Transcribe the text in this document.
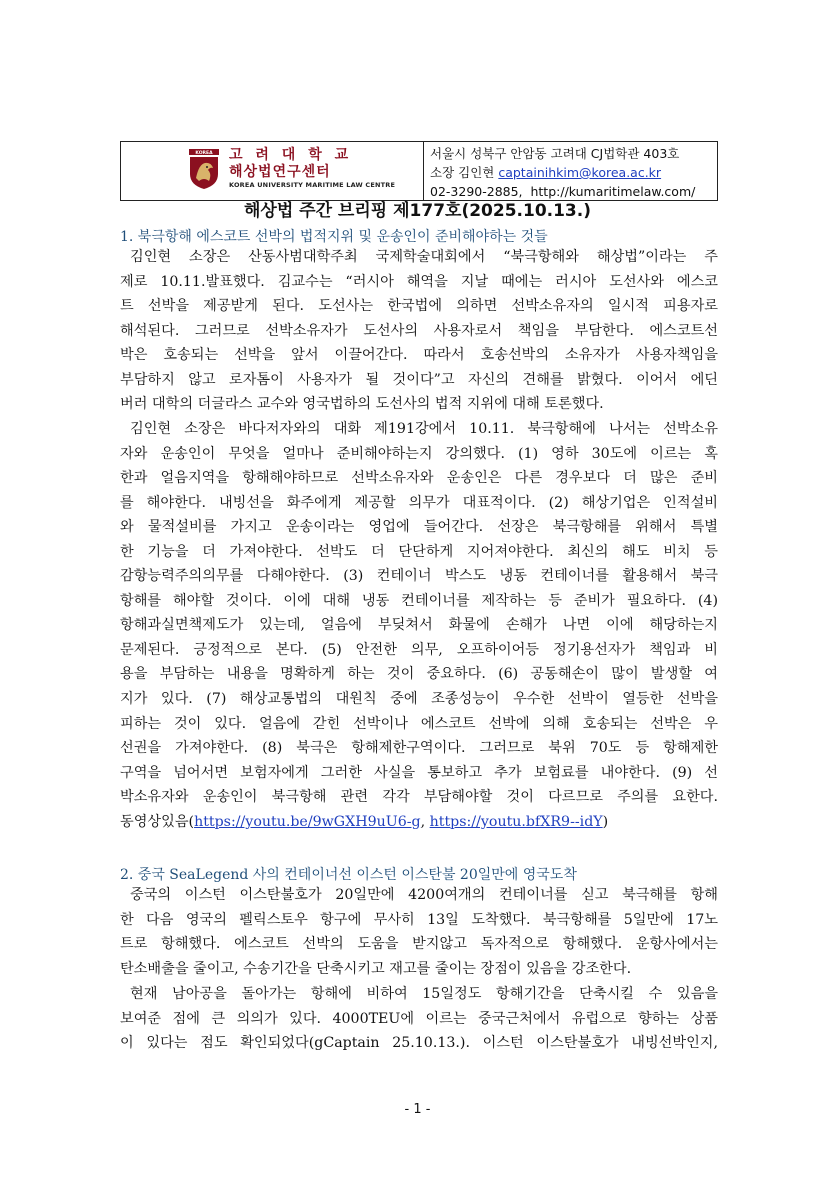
KOREA 고 려 대 학 교
해상법연구센터
KOREA UNIVERSITY MARITIME LAW CENTRE
서울시 성북구 안암동 고려대 CJ법학관 403호
소장 김인현 captainihkim@korea.ac.kr
02-3290-2885, http://kumaritimelaw.com/
해상법 주간 브리핑 제177호(2025.10.13.)
1. 북극항해 에스코트 선박의 법적지위 및 운송인이 준비해야하는 것들
김인현 소장은 산동사범대학주최 국제학술대회에서 “북극항해와 해상법”이라는 주
제로 10.11.발표했다. 김교수는 “러시아 해역을 지날 때에는 러시아 도선사와 에스코
트 선박을 제공받게 된다. 도선사는 한국법에 의하면 선박소유자의 일시적 피용자로
해석된다. 그러므로 선박소유자가 도선사의 사용자로서 책임을 부담한다. 에스코트선
박은 호송되는 선박을 앞서 이끌어간다. 따라서 호송선박의 소유자가 사용자책임을
부담하지 않고 로자톰이 사용자가 될 것이다”고 자신의 견해를 밝혔다. 이어서 에딘
버러 대학의 더글라스 교수와 영국법하의 도선사의 법적 지위에 대해 토론했다.
김인현 소장은 바다저자와의 대화 제191강에서 10.11. 북극항해에 나서는 선박소유
자와 운송인이 무엇을 얼마나 준비해야하는지 강의했다. (1) 영하 30도에 이르는 혹
한과 얼음지역을 항해해야하므로 선박소유자와 운송인은 다른 경우보다 더 많은 준비
를 해야한다. 내빙선을 화주에게 제공할 의무가 대표적이다. (2) 해상기업은 인적설비
와 물적설비를 가지고 운송이라는 영업에 들어간다. 선장은 북극항해를 위해서 특별
한 기능을 더 가져야한다. 선박도 더 단단하게 지어져야한다. 최신의 해도 비치 등
감항능력주의의무를 다해야한다. (3) 컨테이너 박스도 냉동 컨테이너를 활용해서 북극
항해를 해야할 것이다. 이에 대해 냉동 컨테이너를 제작하는 등 준비가 필요하다. (4)
항해과실면책제도가 있는데, 얼음에 부딪쳐서 화물에 손해가 나면 이에 해당하는지
문제된다. 긍정적으로 본다. (5) 안전한 의무, 오프하이어등 정기용선자가 책임과 비
용을 부담하는 내용을 명확하게 하는 것이 중요하다. (6) 공동해손이 많이 발생할 여
지가 있다. (7) 해상교통법의 대원칙 중에 조종성능이 우수한 선박이 열등한 선박을
피하는 것이 있다. 얼음에 갇힌 선박이나 에스코트 선박에 의해 호송되는 선박은 우
선권을 가져야한다. (8) 북극은 항해제한구역이다. 그러므로 북위 70도 등 항해제한
구역을 넘어서면 보험자에게 그러한 사실을 통보하고 추가 보험료를 내야한다. (9) 선
박소유자와 운송인이 북극항해 관련 각각 부담해야할 것이 다르므로 주의를 요한다.
동영상있음(https://youtu.be/9wGXH9uU6-g, https://youtu.bfXR9--idY)
2. 중국 SeaLegend 사의 컨테이너선 이스턴 이스탄불 20일만에 영국도착
중국의 이스턴 이스탄불호가 20일만에 4200여개의 컨테이너를 싣고 북극해를 항해
한 다음 영국의 펠릭스토우 항구에 무사히 13일 도착했다. 북극항해를 5일만에 17노
트로 항해했다. 에스코트 선박의 도움을 받지않고 독자적으로 항해했다. 운항사에서는
탄소배출을 줄이고, 수송기간을 단축시키고 재고를 줄이는 장점이 있음을 강조한다.
현재 남아공을 돌아가는 항해에 비하여 15일정도 항해기간을 단축시킬 수 있음을
보여준 점에 큰 의의가 있다. 4000TEU에 이르는 중국근처에서 유럽으로 향하는 상품
이 있다는 점도 확인되었다(gCaptain 25.10.13.). 이스턴 이스탄불호가 내빙선박인지,
- 1 -
